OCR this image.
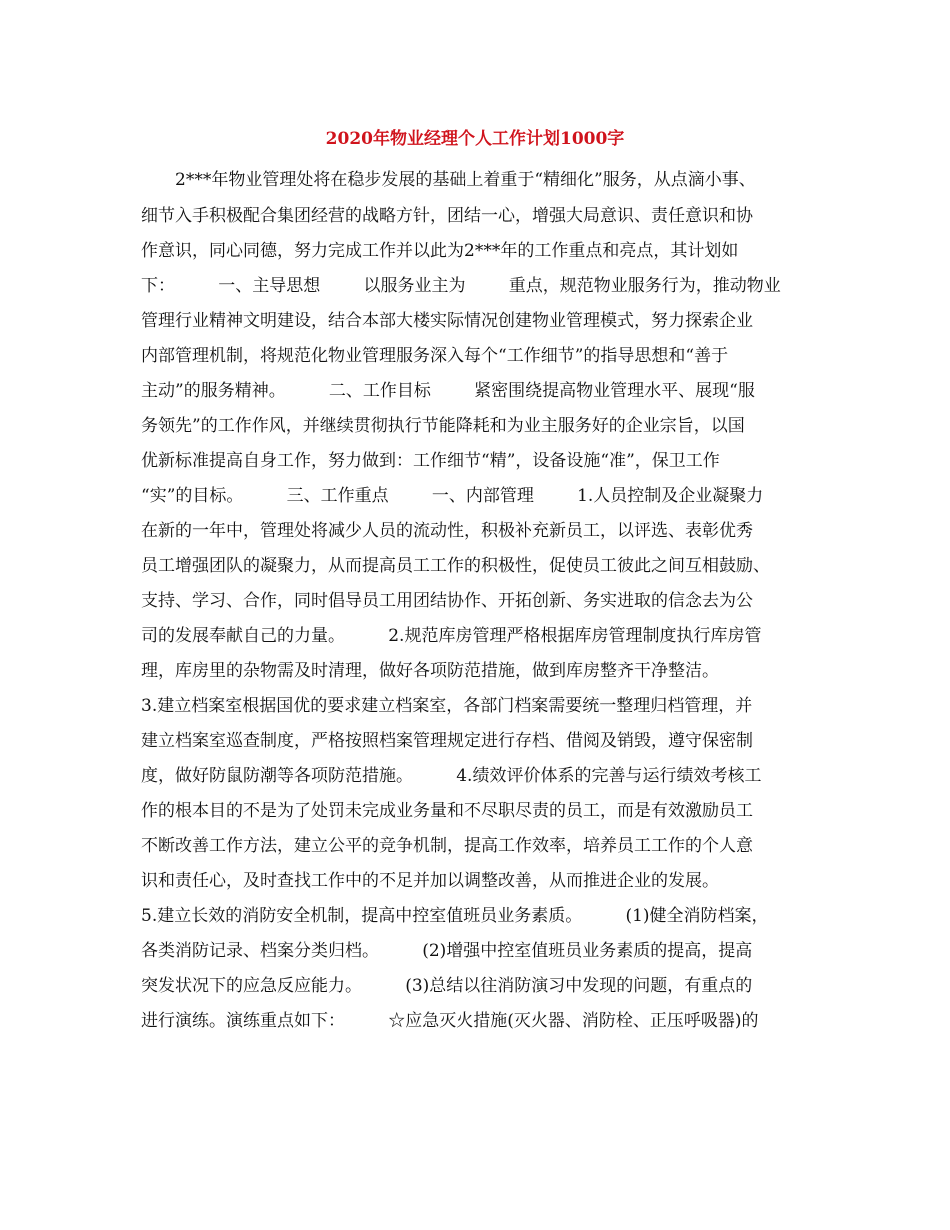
2020年物业经理个人工作计划1000字
2***年物业管理处将在稳步发展的基础上着重于“精细化”服务，从点滴小事、
细节入手积极配合集团经营的战略方针，团结一心，增强大局意识、责任意识和协
作意识，同心同德，努力完成工作并以此为2***年的工作重点和亮点，其计划如
下：        一、主导思想        以服务业主为        重点，规范物业服务行为，推动物业
管理行业精神文明建设，结合本部大楼实际情况创建物业管理模式，努力探索企业
内部管理机制，将规范化物业管理服务深入每个“工作细节”的指导思想和“善于
主动”的服务精神。        二、工作目标        紧密围绕提高物业管理水平、展现“服
务领先”的工作作风，并继续贯彻执行节能降耗和为业主服务好的企业宗旨，以国
优新标准提高自身工作，努力做到：工作细节“精”，设备设施“准”，保卫工作
“实”的目标。        三、工作重点        一、内部管理        1.人员控制及企业凝聚力
在新的一年中，管理处将减少人员的流动性，积极补充新员工，以评选、表彰优秀
员工增强团队的凝聚力，从而提高员工工作的积极性，促使员工彼此之间互相鼓励、
支持、学习、合作，同时倡导员工用团结协作、开拓创新、务实进取的信念去为公
司的发展奉献自己的力量。        2.规范库房管理严格根据库房管理制度执行库房管
理，库房里的杂物需及时清理，做好各项防范措施，做到库房整齐干净整洁。
3.建立档案室根据国优的要求建立档案室，各部门档案需要统一整理归档管理，并
建立档案室巡查制度，严格按照档案管理规定进行存档、借阅及销毁，遵守保密制
度，做好防鼠防潮等各项防范措施。        4.绩效评价体系的完善与运行绩效考核工
作的根本目的不是为了处罚未完成业务量和不尽职尽责的员工，而是有效激励员工
不断改善工作方法，建立公平的竞争机制，提高工作效率，培养员工工作的个人意
识和责任心，及时查找工作中的不足并加以调整改善，从而推进企业的发展。
5.建立长效的消防安全机制，提高中控室值班员业务素质。        (1)健全消防档案，
各类消防记录、档案分类归档。        (2)增强中控室值班员业务素质的提高，提高
突发状况下的应急反应能力。        (3)总结以往消防演习中发现的问题，有重点的
进行演练。演练重点如下：        ☆应急灭火措施(灭火器、消防栓、正压呼吸器)的
